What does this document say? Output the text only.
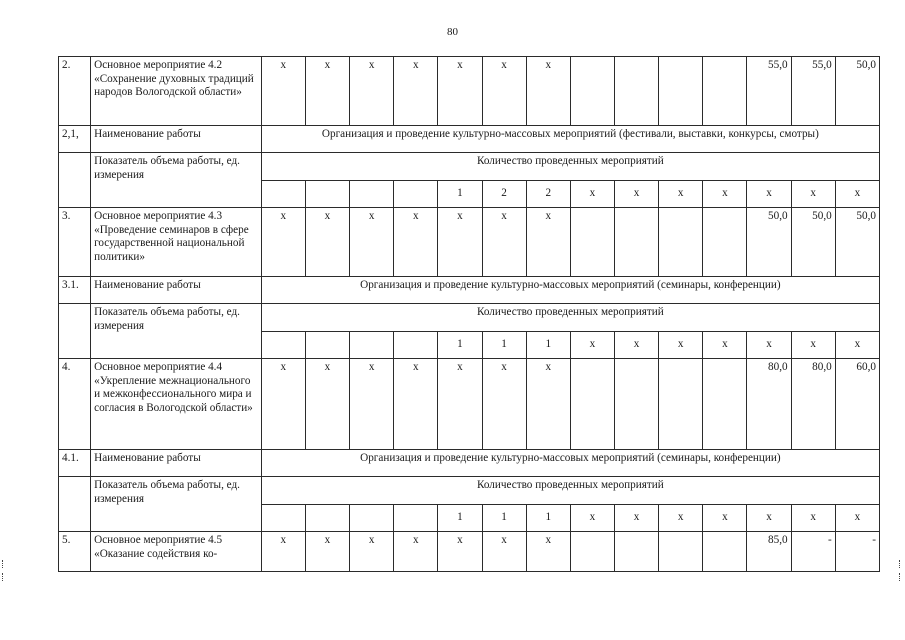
80
2.	Основное мероприятие 4.2 «Сохранение духовных традиций народов Вологодской области»	х	х	х	х	х	х	х					55,0	55,0	50,0
2,1,	Наименование работы	Организация и проведение культурно-массовых мероприятий (фестивали, выставки, конкурсы, смотры)													
	Показатель объема работы, ед. измерения	Количество проведенных мероприятий													
						1	2	2	х	х	х	х	х	х	х
3.	Основное мероприятие 4.3 «Проведение семинаров в сфере государственной национальной политики»	х	х	х	х	х	х	х					50,0	50,0	50,0
3.1.	Наименование работы	Организация и проведение культурно-массовых мероприятий (семинары, конференции)													
	Показатель объема работы, ед. измерения	Количество проведенных мероприятий													
						1	1	1	х	х	х	х	х	х	х
4.	Основное мероприятие 4.4 «Укрепление межнационального и межконфессионального мира и согласия в Вологодской области»	х	х	х	х	х	х	х					80,0	80,0	60,0
4.1.	Наименование работы	Организация и проведение культурно-массовых мероприятий (семинары, конференции)													
	Показатель объема работы, ед. измерения	Количество проведенных мероприятий													
						1	1	1	х	х	х	х	х	х	х
5.	Основное мероприятие 4.5 «Оказание содействия ко-	х	х	х	х	х	х	х					85,0	-	-
